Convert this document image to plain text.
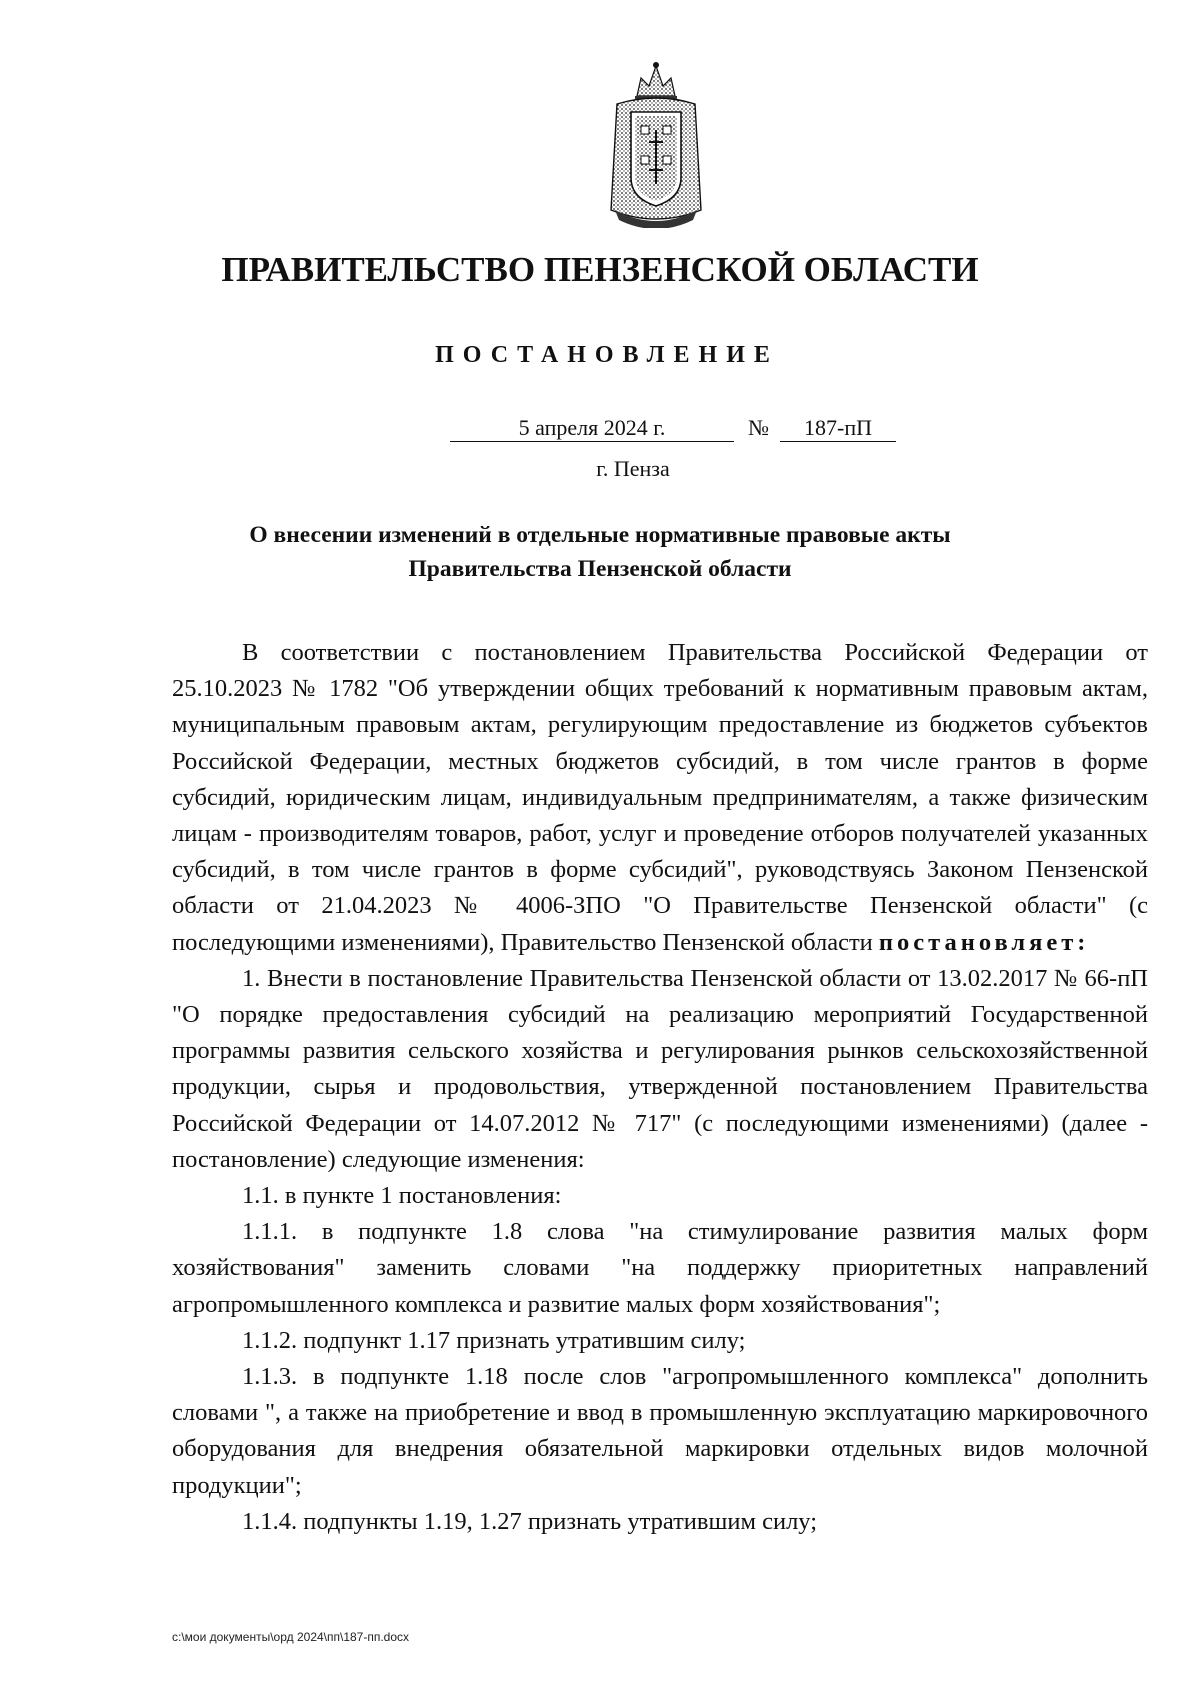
ПРАВИТЕЛЬСТВО ПЕНЗЕНСКОЙ ОБЛАСТИ
ПОСТАНОВЛЕНИЕ
5 апреля 2024 г.	№	187-пП
г. Пенза
О внесении изменений в отдельные нормативные правовые акты
Правительства Пензенской области

В соответствии с постановлением Правительства Российской Федерации от 25.10.2023 № 1782 "Об утверждении общих требований к нормативным правовым актам, муниципальным правовым актам, регулирующим предоставление из бюджетов субъектов Российской Федерации, местных бюджетов субсидий, в том числе грантов в форме субсидий, юридическим лицам, индивидуальным предпринимателям, а также физическим лицам - производителям товаров, работ, услуг и проведение отборов получателей указанных субсидий, в том числе грантов в форме субсидий", руководствуясь Законом Пензенской области от 21.04.2023 № 4006-ЗПО "О Правительстве Пензенской области" (с последующими изменениями), Правительство Пензенской области постановляет:

1. Внести в постановление Правительства Пензенской области от 13.02.2017 № 66-пП "О порядке предоставления субсидий на реализацию мероприятий Государственной программы развития сельского хозяйства и регулирования рынков сельскохозяйственной продукции, сырья и продовольствия, утвержденной постановлением Правительства Российской Федерации от 14.07.2012 № 717" (с последующими изменениями) (далее - постановление) следующие изменения:

1.1. в пункте 1 постановления:

1.1.1. в подпункте 1.8 слова "на стимулирование развития малых форм хозяйствования" заменить словами "на поддержку приоритетных направлений агропромышленного комплекса и развитие малых форм хозяйствования";

1.1.2. подпункт 1.17 признать утратившим силу;

1.1.3. в подпункте 1.18 после слов "агропромышленного комплекса" дополнить словами ", а также на приобретение и ввод в промышленную эксплуатацию маркировочного оборудования для внедрения обязательной маркировки отдельных видов молочной продукции";

1.1.4. подпункты 1.19, 1.27 признать утратившим силу;

c:\мои документы\орд 2024\пп\187-пп.docx
